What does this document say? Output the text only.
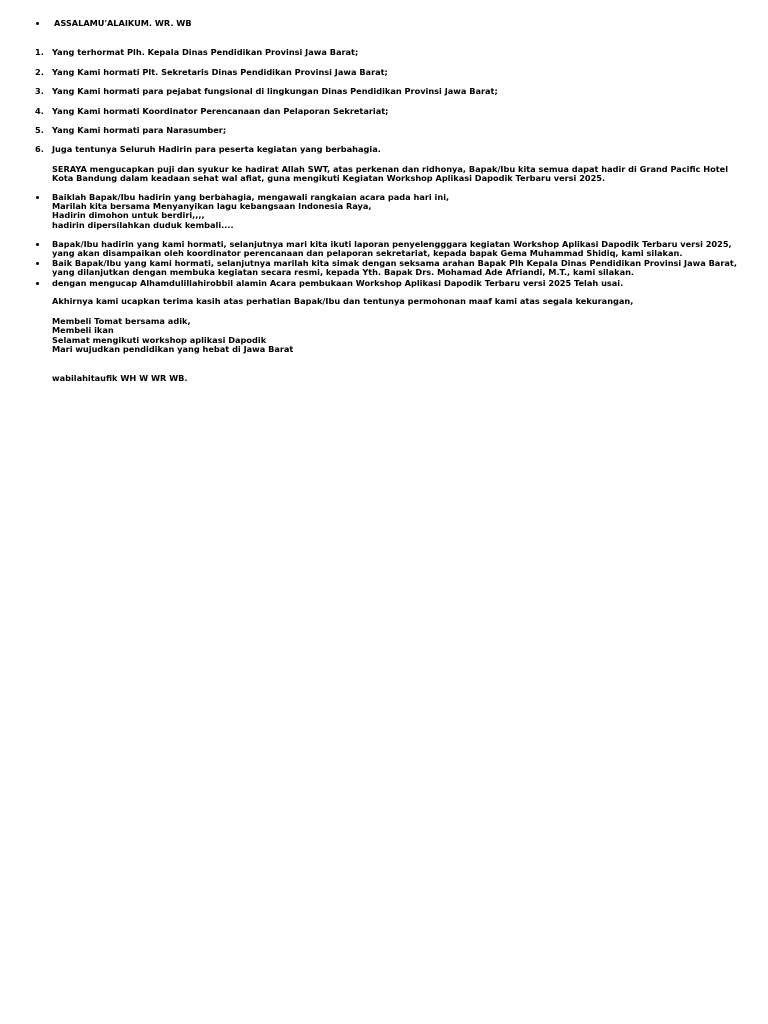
ASSALAMU'ALAIKUM. WR. WB
1. Yang terhormat Plh. Kepala Dinas Pendidikan Provinsi Jawa Barat;
2. Yang Kami hormati Plt. Sekretaris Dinas Pendidikan Provinsi Jawa Barat;
3. Yang Kami hormati para pejabat fungsional di lingkungan Dinas Pendidikan Provinsi Jawa Barat;
4. Yang Kami hormati Koordinator Perencanaan dan Pelaporan Sekretariat;
5. Yang Kami hormati para Narasumber;
6. Juga tentunya Seluruh Hadirin para peserta kegiatan yang berbahagia.
SERAYA mengucapkan puji dan syukur ke hadirat Allah SWT, atas perkenan dan ridhonya, Bapak/Ibu kita semua dapat hadir di Grand Pacific Hotel
Kota Bandung dalam keadaan sehat wal afiat, guna mengikuti Kegiatan Workshop Aplikasi Dapodik Terbaru versi 2025.
Baiklah Bapak/Ibu hadirin yang berbahagia, mengawali rangkaian acara pada hari ini,
Marilah kita bersama Menyanyikan lagu kebangsaan Indonesia Raya,
Hadirin dimohon untuk berdiri,,,,
hadirin dipersilahkan duduk kembali....
Bapak/Ibu hadirin yang kami hormati, selanjutnya mari kita ikuti laporan penyelengggara kegiatan Workshop Aplikasi Dapodik Terbaru versi 2025,
yang akan disampaikan oleh koordinator perencanaan dan pelaporan sekretariat, kepada bapak Gema Muhammad Shidiq, kami silakan.
Baik Bapak/Ibu yang kami hormati, selanjutnya marilah kita simak dengan seksama arahan Bapak Plh Kepala Dinas Pendidikan Provinsi Jawa Barat,
yang dilanjutkan dengan membuka kegiatan secara resmi, kepada Yth. Bapak Drs. Mohamad Ade Afriandi, M.T., kami silakan.
dengan mengucap Alhamdulillahirobbil alamin Acara pembukaan Workshop Aplikasi Dapodik Terbaru versi 2025 Telah usai.
Akhirnya kami ucapkan terima kasih atas perhatian Bapak/Ibu dan tentunya permohonan maaf kami atas segala kekurangan,
Membeli Tomat bersama adik,
Membeli ikan
Selamat mengikuti workshop aplikasi Dapodik
Mari wujudkan pendidikan yang hebat di Jawa Barat
wabilahitaufik WH W WR WB.
